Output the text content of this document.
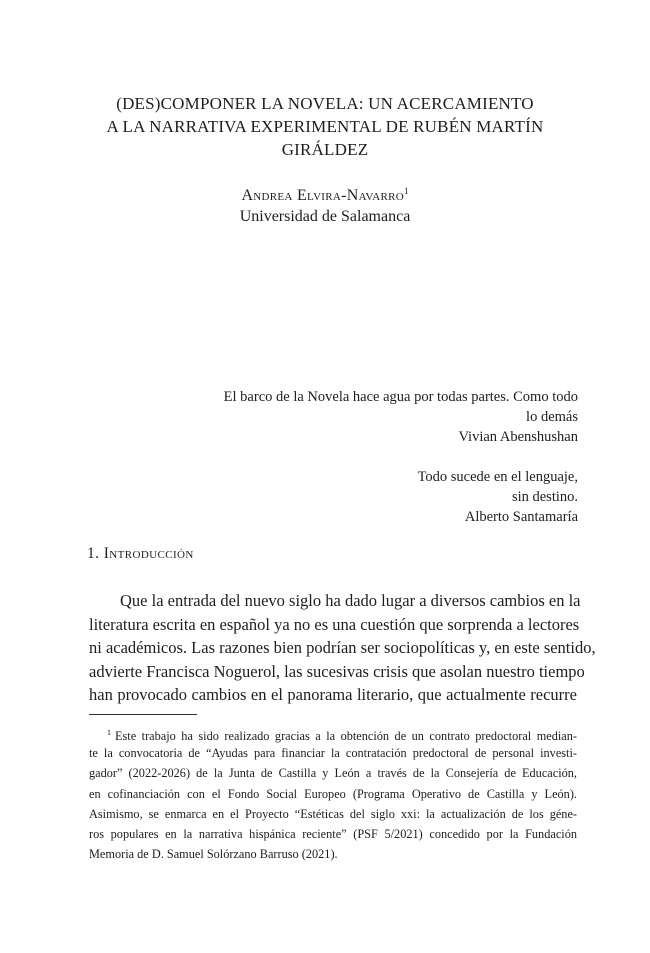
(DES)COMPONER LA NOVELA: UN ACERCAMIENTO
A LA NARRATIVA EXPERIMENTAL DE RUBÉN MARTÍN
GIRÁLDEZ
Andrea Elvira-Navarro$^1$
Universidad de Salamanca
El barco de la Novela hace agua por todas partes. Como todo
lo demás
Vivian Abenshushan
Todo sucede en el lenguaje,
sin destino.
Alberto Santamaría
1. Introducción
Que la entrada del nuevo siglo ha dado lugar a diversos cambios en la
literatura escrita en español ya no es una cuestión que sorprenda a lectores
ni académicos. Las razones bien podrían ser sociopolíticas y, en este sentido,
advierte Francisca Noguerol, las sucesivas crisis que asolan nuestro tiempo
han provocado cambios en el panorama literario, que actualmente recurre
$^1$ Este trabajo ha sido realizado gracias a la obtención de un contrato predoctoral median-
te la convocatoria de “Ayudas para financiar la contratación predoctoral de personal investi-
gador” (2022-2026) de la Junta de Castilla y León a través de la Consejería de Educación,
en cofinanciación con el Fondo Social Europeo (Programa Operativo de Castilla y León).
Asimismo, se enmarca en el Proyecto “Estéticas del siglo xxi: la actualización de los géne-
ros populares en la narrativa hispánica reciente” (PSF 5/2021) concedido por la Fundación
Memoria de D. Samuel Solórzano Barruso (2021).
